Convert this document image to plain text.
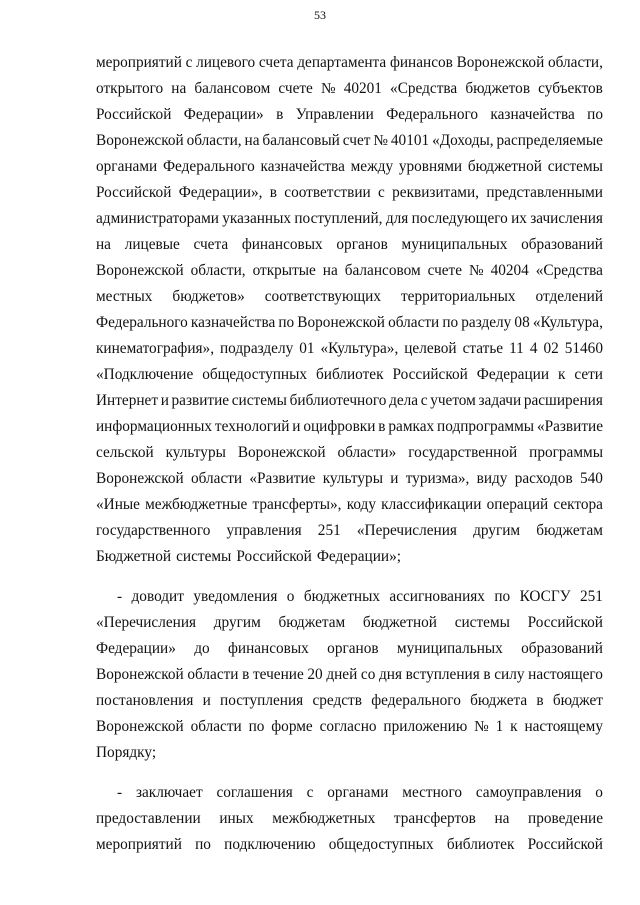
53
мероприятий с лицевого счета департамента финансов Воронежской области,
открытого на балансовом счете № 40201 «Средства бюджетов субъектов
Российской Федерации» в Управлении Федерального казначейства по
Воронежской области, на балансовый счет № 40101 «Доходы, распределяемые
органами Федерального казначейства между уровнями бюджетной системы
Российской Федерации», в соответствии с реквизитами, представленными
администраторами указанных поступлений, для последующего их зачисления
на лицевые счета финансовых органов муниципальных образований
Воронежской области, открытые на балансовом счете № 40204 «Средства
местных бюджетов» соответствующих территориальных отделений
Федерального казначейства по Воронежской области по разделу 08 «Культура,
кинематография», подразделу 01 «Культура», целевой статье 11 4 02 51460
«Подключение общедоступных библиотек Российской Федерации к сети
Интернет и развитие системы библиотечного дела с учетом задачи расширения
информационных технологий и оцифровки в рамках подпрограммы «Развитие
сельской культуры Воронежской области» государственной программы
Воронежской области «Развитие культуры и туризма», виду расходов 540
«Иные межбюджетные трансферты», коду классификации операций сектора
государственного управления 251 «Перечисления другим бюджетам
Бюджетной системы Российской Федерации»;
- доводит уведомления о бюджетных ассигнованиях по КОСГУ 251
«Перечисления другим бюджетам бюджетной системы Российской
Федерации» до финансовых органов муниципальных образований
Воронежской области в течение 20 дней со дня вступления в силу настоящего
постановления и поступления средств федерального бюджета в бюджет
Воронежской области по форме согласно приложению № 1 к настоящему
Порядку;
- заключает соглашения с органами местного самоуправления о
предоставлении иных межбюджетных трансфертов на проведение
мероприятий по подключению общедоступных библиотек Российской
